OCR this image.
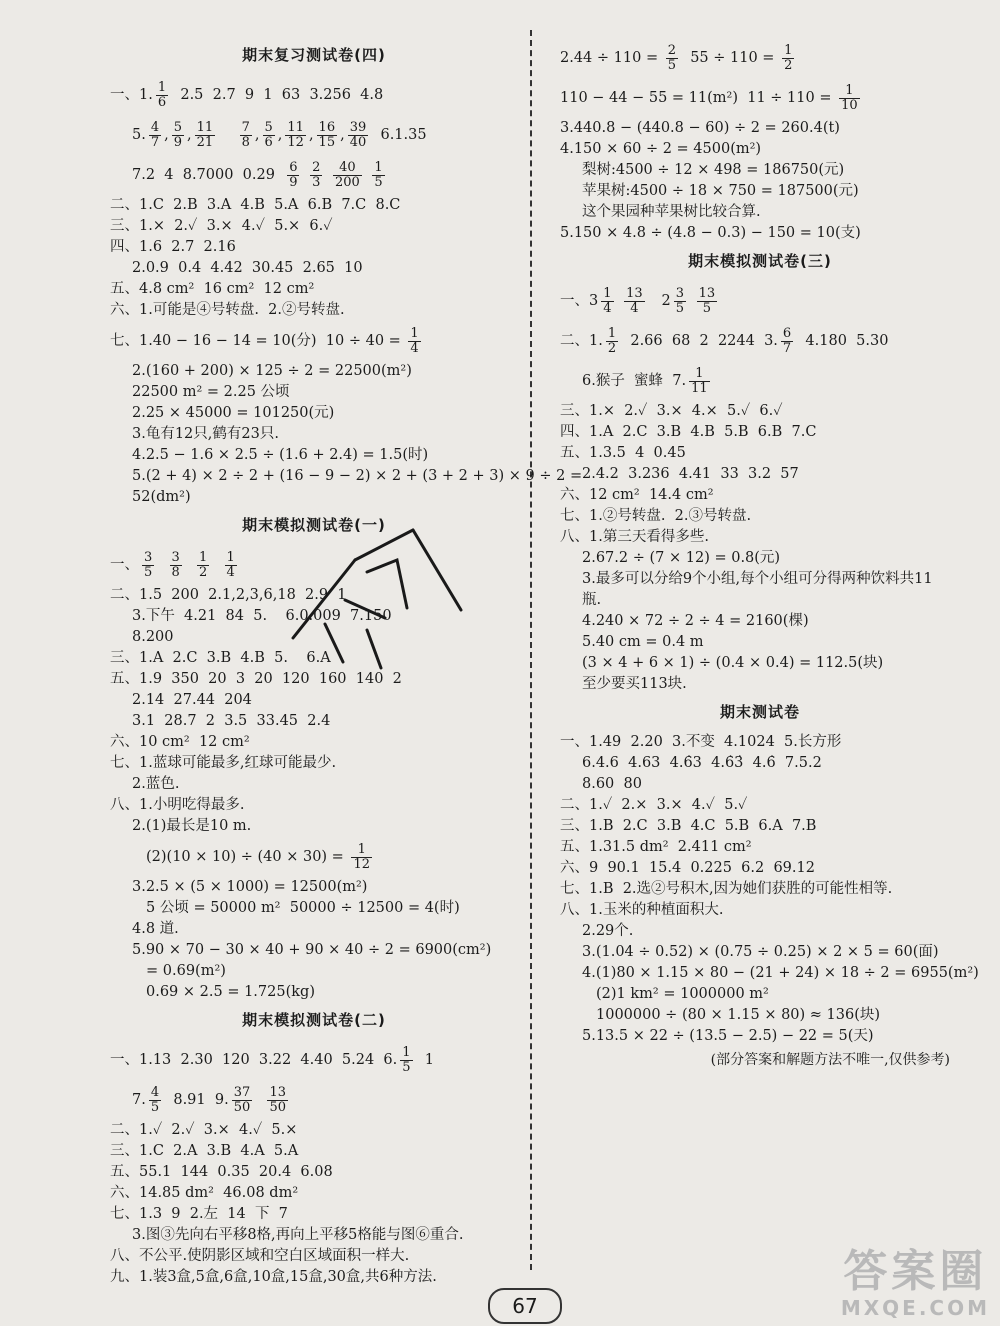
期末复习测试卷(四)
一、1. $\frac{1}{6} 2.5$  2.7  9  1  63  3.256  4.8
5. $\frac{4}{7}$ , $\frac{5}{9}$ , $\frac{11}{21}$
$\frac{7}{8}$ , $\frac{5}{6}$ , $\frac{11}{12}$ , $\frac{16}{15}$ , $\frac{39}{40} 6.1.35$
7.2  4  8.7000  $0.29 \frac{6}{9}$
$\frac{2}{3}$
$\frac{40}{200}$
$\frac{1}{5}$
二、1.C  2.B  3.A  4.B  5.A  6.B  7.C  8.C
三、1.×  2.✓  3.×  4.✓  5.×  6.✓
四、1.6  2.7  2.16
2.0.9  0.4  4.42  30.45  2.65  10
五、4.8 cm²  16 cm²  12 cm²
六、1.可能是④号转盘.  2.②号转盘.
七、1.40 − 16 − 14 = 10(分)  $10 \div 40 = \frac{1}{4}$
2.(160 + 200) × 125 ÷ 2 = 22500(m²)
22500 m² = 2.25 公顷
2.25 × 45000 = 101250(元)
3.龟有12只,鹤有23只.
4.2.5 − 1.6 × 2.5 ÷ (1.6 + 2.4) = 1.5(时)
5.(2 + 4) × 2 ÷ 2 + (16 − 9 − 2) × 2 + (3 + 2 + 3) × 9 ÷ 2 =
52(dm²)
期末模拟测试卷(一)
一、 $\frac{3}{5}$
$\frac{3}{8}$
$\frac{1}{2}$
$\frac{1}{4}$
二、1.5  200  2.1,2,3,6,18  2.9  1
3.下午  4.21  84  5.    6.0.009  7.150
8.200
三、1.A  2.C  3.B  4.B  5.    6.A
五、1.9  350  20  3  20  120  160  140  2
2.14  27.44  204
3.1  28.7  2  3.5  33.45  2.4
六、10 cm²  12 cm²
七、1.蓝球可能最多,红球可能最少.
2.蓝色.
八、1.小明吃得最多.
2.(1)最长是10 m.
$(2)(10 \times 10) \div (40 \times 30) = \frac{1}{12}$
3.2.5 × (5 × 1000) = 12500(m²)
5 公顷 = 50000 m²  50000 ÷ 12500 = 4(时)
4.8 道.
5.90 × 70 − 30 × 40 + 90 × 40 ÷ 2 = 6900(cm²)
= 0.69(m²)
0.69 × 2.5 = 1.725(kg)
期末模拟测试卷(二)
一、1.13  2.30  120  3.22  4.40  5.24  6. $\frac{1}{5} 1$
7. $\frac{4}{5} 8.91$  9. $\frac{37}{50}$
$\frac{13}{50}$
二、1.✓  2.✓  3.×  4.✓  5.×
三、1.C  2.A  3.B  4.A  5.A
五、55.1  144  0.35  20.4  6.08
六、14.85 dm²  46.08 dm²
七、1.3  9  2.左  14  下  7
3.图③先向右平移8格,再向上平移5格能与图⑥重合.
八、不公平.使阴影区域和空白区域面积一样大.
九、1.装3盒,5盒,6盒,10盒,15盒,30盒,共6种方法.
$2.44 \div 110 = \frac{2}{5} 55 \div 110 = \frac{1}{2}$
110 − 44 − 55 = 11(m²)  $11 \div 110 = \frac{1}{10}$
3.440.8 − (440.8 − 60) ÷ 2 = 260.4(t)
4.150 × 60 ÷ 2 = 4500(m²)
梨树:4500 ÷ 12 × 498 = 186750(元)
苹果树:4500 ÷ 18 × 750 = 187500(元)
这个果园种苹果树比较合算.
5.150 × 4.8 ÷ (4.8 − 0.3) − 150 = 10(支)
期末模拟测试卷(三)
一、$3 \frac{1}{4}$
$\frac{13}{4} 2 \frac{3}{5}$
$\frac{13}{5}$
二、1. $\frac{1}{2} 2.66$  68  2  2244  3. $\frac{6}{7} 4.180$  5.30
6.猴子  蜜蜂  7. $\frac{1}{11}$
三、1.×  2.✓  3.×  4.×  5.✓  6.✓
四、1.A  2.C  3.B  4.B  5.B  6.B  7.C
五、1.3.5  4  0.45
2.4.2  3.236  4.41  33  3.2  57
六、12 cm²  14.4 cm²
七、1.②号转盘.  2.③号转盘.
八、1.第三天看得多些.
2.67.2 ÷ (7 × 12) = 0.8(元)
3.最多可以分给9个小组,每个小组可分得两种饮料共11
瓶.
4.240 × 72 ÷ 2 ÷ 4 = 2160(棵)
5.40 cm = 0.4 m
(3 × 4 + 6 × 1) ÷ (0.4 × 0.4) = 112.5(块)
至少要买113块.
期末测试卷
一、1.49  2.20  3.不变  4.1024  5.长方形
6.4.6  4.63  4.6̇3  4.6̇3̇  4.6̇  7.5.2
8.60  80
二、1.✓  2.×  3.×  4.✓  5.✓
三、1.B  2.C  3.B  4.C  5.B  6.A  7.B
五、1.31.5 dm²  2.411 cm²
六、9  90.1  15.4  0.225  6.2  69.12
七、1.B  2.选②号积木,因为她们获胜的可能性相等.
八、1.玉米的种植面积大.
2.29个.
3.(1.04 ÷ 0.52) × (0.75 ÷ 0.25) × 2 × 5 = 60(面)
4.(1)80 × 1.15 × 80 − (21 + 24) × 18 ÷ 2 = 6955(m²)
(2)1 km² = 1000000 m²
1000000 ÷ (80 × 1.15 × 80) ≈ 136(块)
5.13.5 × 22 ÷ (13.5 − 2.5) − 22 = 5(天)
(部分答案和解题方法不唯一,仅供参考)
67
答案圈
MXQE.COM
